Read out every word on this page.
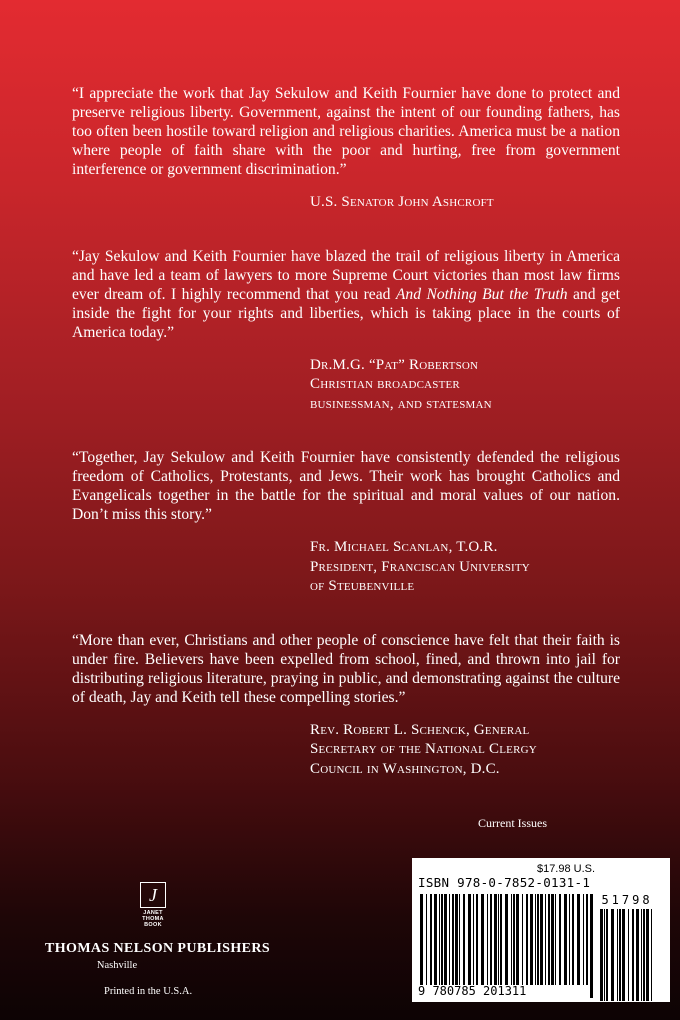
“I appreciate the work that Jay Sekulow and Keith Fournier have done to protect and preserve religious liberty. Government, against the intent of our founding fathers, has too often been hostile toward religion and religious charities. America must be a nation where people of faith share with the poor and hurting, free from government interference or government discrimination.”

U.S. Senator John Ashcroft

“Jay Sekulow and Keith Fournier have blazed the trail of religious liberty in America and have led a team of lawyers to more Supreme Court victories than most law firms ever dream of. I highly recommend that you read And Nothing But the Truth and get inside the fight for your rights and liberties, which is taking place in the courts of America today.”

Dr.M.G. “Pat” Robertson
Christian broadcaster
businessman, and statesman

“Together, Jay Sekulow and Keith Fournier have consistently defended the religious freedom of Catholics, Protestants, and Jews. Their work has brought Catholics and Evangelicals together in the battle for the spiritual and moral values of our nation. Don’t miss this story.”

Fr. Michael Scanlan, T.O.R.
President, Franciscan University
of Steubenville

“More than ever, Christians and other people of conscience have felt that their faith is under fire. Believers have been expelled from school, fined, and thrown into jail for distributing religious literature, praying in public, and demonstrating against the culture of death, Jay and Keith tell these compelling stories.”

Rev. Robert L. Schenck, General
Secretary of the National Clergy
Council in Washington, D.C.
Current Issues
J
JANET
THOMA
BOOK
THOMAS NELSON PUBLISHERS
Nashville
Printed in the U.S.A.
$17.98 U.S.
ISBN 978-0-7852-0131-1
9 780785 201311
51798
